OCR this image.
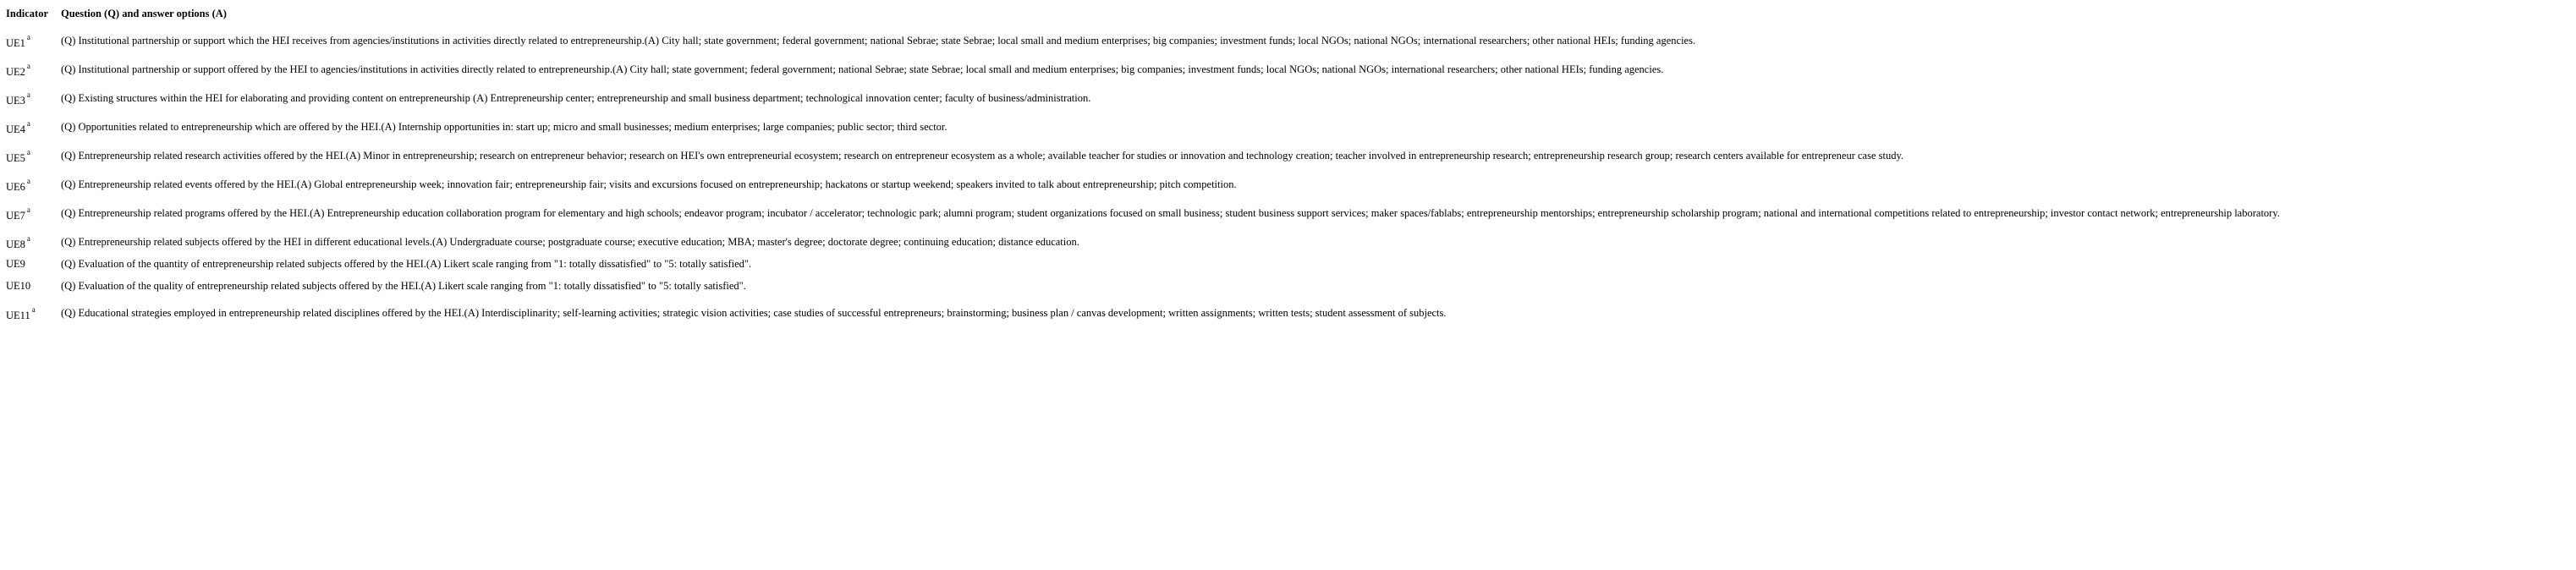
Indicator	Question (Q) and answer options (A)
UE1 $^a$	(Q) Institutional partnership or support which the HEI receives from agencies/institutions in activities directly related to entrepreneurship.(A) City hall; state government; federal government; national Sebrae; state Sebrae; local small and medium enterprises; big companies; investment funds; local NGOs; national NGOs; international researchers; other national HEIs; funding agencies.
UE2 $^a$	(Q) Institutional partnership or support offered by the HEI to agencies/institutions in activities directly related to entrepreneurship.(A) City hall; state government; federal government; national Sebrae; state Sebrae; local small and medium enterprises; big companies; investment funds; local NGOs; national NGOs; international researchers; other national HEIs; funding agencies.
UE3 $^a$	(Q) Existing structures within the HEI for elaborating and providing content on entrepreneurship (A) Entrepreneurship center; entrepreneurship and small business department; technological innovation center; faculty of business/administration.
UE4 $^a$	(Q) Opportunities related to entrepreneurship which are offered by the HEI.(A) Internship opportunities in: start up; micro and small businesses; medium enterprises; large companies; public sector; third sector.
UE5 $^a$	(Q) Entrepreneurship related research activities offered by the HEI.(A) Minor in entrepreneurship; research on entrepreneur behavior; research on HEI's own entrepreneurial ecosystem; research on entrepreneur ecosystem as a whole; available teacher for studies or innovation and technology creation; teacher involved in entrepreneurship research; entrepreneurship research group; research centers available for entrepreneur case study.
UE6 $^a$	(Q) Entrepreneurship related events offered by the HEI.(A) Global entrepreneurship week; innovation fair; entrepreneurship fair; visits and excursions focused on entrepreneurship; hackatons or startup weekend; speakers invited to talk about entrepreneurship; pitch competition.
UE7 $^a$	(Q) Entrepreneurship related programs offered by the HEI.(A) Entrepreneurship education collaboration program for elementary and high schools; endeavor program; incubator / accelerator; technologic park; alumni program; student organizations focused on small business; student business support services; maker spaces/fablabs; entrepreneurship mentorships; entrepreneurship scholarship program; national and international competitions related to entrepreneurship; investor contact network; entrepreneurship laboratory.
UE8 $^a$	(Q) Entrepreneurship related subjects offered by the HEI in different educational levels.(A) Undergraduate course; postgraduate course; executive education; MBA; master's degree; doctorate degree; continuing education; distance education.
UE9	(Q) Evaluation of the quantity of entrepreneurship related subjects offered by the HEI.(A) Likert scale ranging from "1: totally dissatisfied" to "5: totally satisfied".
UE10	(Q) Evaluation of the quality of entrepreneurship related subjects offered by the HEI.(A) Likert scale ranging from "1: totally dissatisfied" to "5: totally satisfied".
UE11 $^a$	(Q) Educational strategies employed in entrepreneurship related disciplines offered by the HEI.(A) Interdisciplinarity; self-learning activities; strategic vision activities; case studies of successful entrepreneurs; brainstorming; business plan / canvas development; written assignments; written tests; student assessment of subjects.
